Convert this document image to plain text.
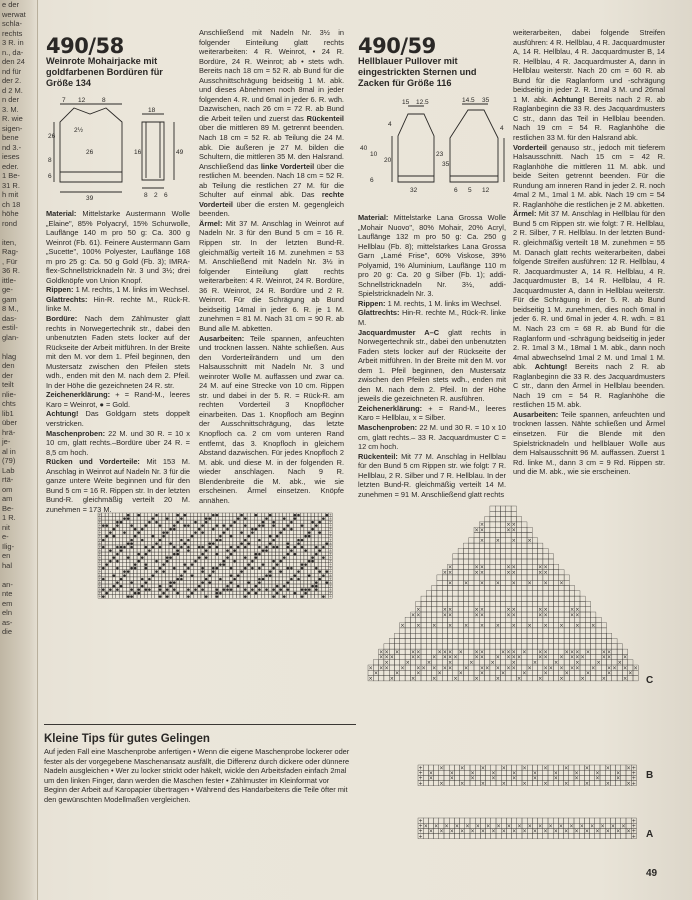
e der
werwat
schla-
rechts
3 R. in
n., da-
den 24
nd für
der 2.
d 2 M.
n der
3. M.
R. wie
sigen-
bene
nd 3.-
ieses
eder.
1 Be-
31 R.
h mit
ch 18
höhe
rond

iten,
Rag-
, Für
36 R.
ittle-
ge-
gam
8 M.,
das-
estil-
glan-

hlag
den
der
teilt
nlie-
chts
lib1
über
hrä-
je-
al in
(79)
Lab
rtä-
om
am
Be-
1 R.
nit
e-
Ilig-
en
hal

an-
nte
em
eln
as-
die
490/58
Weinrote Mohairjacke mit goldfarbenen Bordüren für Größe 134
7 12	8
18
26
39
6
8
26
2½
16	49
8 2 6

Material: Mittelstarke Austermann Wolle „Elaine", 85% Polyacryl, 15% Schurwolle, Lauflänge 140 m pro 50 g: Ca. 300 g Weinrot (Fb. 61). Feinere Austermann Garn „Sucette", 100% Polyester, Lauflänge 168 m pro 25 g: Ca. 50 g Gold (Fb. 3); IMRA-flex-Schnellstricknadeln Nr. 3 und 3½; drei Goldknöpfe von Union Knopf.

Rippen: 1 M. rechts, 1 M. links im Wechsel.

Glattrechts: Hin-R. rechte M., Rück-R. linke M.

Bordüre: Nach dem Zählmuster glatt rechts in Norwegertechnik str., dabei den unbenutzten Faden stets locker auf der Rückseite der Arbeit mitführen. In der Breite mit den M. vor dem 1. Pfeil beginnen, den Mustersatz zwischen den Pfeilen stets wdh., enden mit den M. nach dem 2. Pfeil. In der Höhe die gezeichneten 24 R. str.

Zeichenerklärung: + = Rand-M., leeres Karo = Weinrot, ● = Gold.

Achtung! Das Goldgarn stets doppelt verstricken.

Maschenproben: 22 M. und 30 R. = 10 x 10 cm, glatt rechts.–Bordüre über 24 R. = 8,5 cm hoch.

Rücken und Vorderteile: Mit 153 M. Anschlag in Weinrot auf Nadeln Nr. 3 für die ganze untere Weite beginnen und für den Bund 5 cm = 16 R. Rippen str. In der letzten Bund-R. gleichmäßig verteilt 20 M. zunehmen = 173 M.

Anschließend mit Nadeln Nr. 3½ in folgender Einteilung glatt rechts weiterarbeiten: 4 R. Weinrot, • 24 R. Bordüre, 24 R. Weinrot; ab • stets wdh. Bereits nach 18 cm = 52 R. ab Bund für die Ausschnittschrägung beidseitig 1 M. abk. und dieses Abnehmen noch 8mal in jeder folgenden 4. R. und 6mal in jeder 6. R. wdh. Dazwischen, nach 26 cm = 72 R. ab Bund die Arbeit teilen und zuerst das Rückenteil über die mittleren 89 M. getrennt beenden. Nach 18 cm = 52 R. ab Teilung die 24 M. abk. Die äußeren je 27 M. bilden die Schultern, die mittleren 35 M. den Halsrand. Anschließend das linke Vorderteil über die restlichen M. beenden. Nach 18 cm = 52 R. ab Teilung die restlichen 27 M. für die Schulter auf einmal abk. Das rechte Vorderteil über die ersten M. gegengleich beenden.

Ärmel: Mit 37 M. Anschlag in Weinrot auf Nadeln Nr. 3 für den Bund 5 cm = 16 R. Rippen str. In der letzten Bund-R. gleichmäßig verteilt 16 M. zunehmen = 53 M. Anschließend mit Nadeln Nr. 3½ in folgender Einteilung glatt rechts weiterarbeiten: 4 R. Weinrot, 24 R. Bordüre, 36 R. Weinrot, 24 R. Bordüre und 2 R. Weinrot. Für die Schrägung ab Bund beidseitig 14mal in jeder 6. R. je 1 M. zunehmen = 81 M. Nach 31 cm = 90 R. ab Bund alle M. abketten.

Ausarbeiten: Teile spannen, anfeuchten und trocknen lassen. Nähte schließen. Aus den Vorderteilrändern und um den Halsausschnitt mit Nadeln Nr. 3 und weinroter Wolle M. auffassen und zwar ca. 24 M. auf eine Strecke von 10 cm. Rippen str. und dabei in der 5. R. = Rück-R. am rechten Vorderteil 3 Knopflöcher einarbeiten. Das 1. Knopfloch am Beginn der Ausschnittschrägung, das letzte Knopfloch ca. 2 cm vom unteren Rand entfernt, das 3. Knopfloch in gleichem Abstand dazwischen. Für jedes Knopfloch 2 M. abk. und diese M. in der folgenden R. wieder anschlagen. Nach 9 R. Blendenbreite die M. abk., wie sie erscheinen. Ärmel einsetzen. Knöpfe annähen.

+	● ●	●	● ●	● ●	●	●	●	● ●	● +
+	● ●	●	●	●	● ●	● ●	●	● ●	● +
+	● ●	● ●	●	● ●	●	● ●	●	● ● +
+ ● ● ●	●	●	●	● ● ●	●	● ● ●	●	● ● ●	●	●	●	+
+	●	● ●	● ●	●	●	●	● ●	● ●	●	+
+ ●	●	●	● ●	● ●	●	● ●	●	● ● +
+ ● ●	●	● ●	●	● ●	●	● ●	● ●	+
+ ●	● ●	●	● ●	● ●	●	●	●	● ●	+
+	● ●	●	●	●	● ●	● ●	●	● ●	● +
+ ●	● ● ● ●	● ● ●	● ● ● ● ● ● ●	● ● ●	● ● ● ● ● ● ●	● ● +
+ ● ●	●	● ●	●	● ●	● ●	●	●	● +
+	●	● ●	● ●	●	●	●	● ●	● ●	●	+
+	●	●	●	● ●	● ●	●	● ●	●	● ● +
+ ● ●	●	● ●	●	● ●	●	● ●	● ●	+
+ ●	● ●	●	● ●	● ●	●	●	●	● ●	+
+ ●	●	● ● ●	●	●	●	● ● ●	●	● ● ●	●	● ● ●	●	+
+	● ●	● ●	●	● ●	●	● ●	●	● ● +
+	● ●	●	● ●	●	● ●	● ●	●	●	● +
+ ●	●	● ●	● ●	●	●	●	● ●	● ●	● +
+	●	●	●	● ●	● ●	●	● ●	●	● ● +
+	● ●	●	● ●	●	● ●	●	● ●	● ●	+
+ ● ● ●	● ● ● ● ● ● ●	● ● ●	● ● ● ●	● ● ● ● ● ● ●	● ● ● ●	+
+ ●	● ●	●	●	●	● ●	● ●	●	● ●	+
+ ●	● ●	● ●	●	● ●	●	● ●	●	● +
490/59
Hellblauer Pullover mit eingestrickten Sternen und Zacken für Größe 116
15 12.5	14.5 35
4
6
10
20
23
35
40
32
4
6 5 12

Material: Mittelstarke Lana Grossa Wolle „Mohair Nuovo", 80% Mohair, 20% Acryl, Lauflänge 132 m pro 50 g: Ca. 250 g Hellblau (Fb. 8); mittelstarkes Lana Grossa Garn „Lamé Frise", 60% Viskose, 39% Polyamid, 1% Aluminium, Lauflänge 110 m pro 20 g: Ca. 20 g Silber (Fb. 1); addi-Schnellstricknadeln Nr. 3½, addi-Spielstricknadeln Nr. 3.

Rippen: 1 M. rechts, 1 M. links im Wechsel.

Glattrechts: Hin-R. rechte M., Rück-R. linke M.

Jacquardmuster A–C glatt rechts in Norwegertechnik str., dabei den unbenutzten Faden stets locker auf der Rückseite der Arbeit mitführen. In der Breite mit den M. vor dem 1. Pfeil beginnen, den Mustersatz zwischen den Pfeilen stets wdh., enden mit den M. nach dem 2. Pfeil. In der Höhe jeweils die gezeichneten R. ausführen.

Zeichenerklärung: + = Rand-M., leeres Karo = Hellblau, x = Silber.

Maschenproben: 22 M. und 30 R. = 10 x 10 cm, glatt rechts.– 33 R. Jacquardmuster C = 12 cm hoch.

Rückenteil: Mit 77 M. Anschlag in Hellblau für den Bund 5 cm Rippen str. wie folgt: 7 R. Hellblau, 2 R. Silber und 7 R. Hellblau. In der letzten Bund-R. gleichmäßig verteilt 14 M. zunehmen = 91 M. Anschließend glatt rechts

weiterarbeiten, dabei folgende Streifen ausführen: 4 R. Hellblau, 4 R. Jacquardmuster A, 14 R. Hellblau, 4 R. Jacquardmuster B, 14 R. Hellblau, 4 R. Jacquardmuster A, dann in Hellblau weiterstr. Nach 20 cm = 60 R. ab Bund für die Raglanform und -schrägung beidseitig in jeder 2. R. 1mal 3 M. und 26mal 1 M. abk. Achtung! Bereits nach 2 R. ab Raglanbeginn die 33 R. des Jacquardmusters C str., dann das Teil in Hellblau beenden. Nach 19 cm = 54 R. Raglanhöhe die restlichen 33 M. für den Halsrand abk.

Vorderteil genauso str., jedoch mit tieferem Halsausschnitt. Nach 15 cm = 42 R. Raglanhöhe die mittleren 11 M. abk. und beide Seiten getrennt beenden. Für die Rundung am inneren Rand in jeder 2. R. noch 4mal 2 M., 1mal 1 M. abk. Nach 19 cm = 54 R. Raglanhöhe die restlichen je 2 M. abketten.

Ärmel: Mit 37 M. Anschlag in Hellblau für den Bund 5 cm Rippen str. wie folgt: 7 R. Hellblau, 2 R. Silber, 7 R. Hellblau. In der letzten Bund-R. gleichmäßig verteilt 18 M. zunehmen = 55 M. Danach glatt rechts weiterarbeiten, dabei folgende Streifen ausführen: 12 R. Hellblau, 4 R. Jacquardmuster A, 14 R. Hellblau, 4 R. Jacquardmuster B, 14 R. Hellblau, 4 R. Jacquardmuster A, dann in Hellblau weiterstr. Für die Schrägung in der 5. R. ab Bund beidseitig 1 M. zunehmen, dies noch 6mal in jeder 6. R. und 6mal in jeder 4. R. wdh. = 81 M. Nach 23 cm = 68 R. ab Bund für die Raglanform und -schrägung beidseitig in jeder 2. R. 1mal 3 M., 18mal 1 M. abk., dann noch 4mal abwechselnd 1mal 2 M. und 1mal 1 M. abk. Achtung! Bereits nach 2 R. ab Raglanbeginn die 33 R. des Jacquardmusters C str., dann den Ärmel in Hellblau beenden. Nach 19 cm = 54 R. Raglanhöhe die restlichen 15 M. abk.

Ausarbeiten: Teile spannen, anfeuchten und trocknen lassen. Nähte schließen und Ärmel einsetzen. Für die Blende mit den Spielstricknadeln und hellblauer Wolle aus dem Halsausschnitt 96 M. auffassen. Zuerst 1 Rd. linke M., dann 3 cm = 9 Rd. Rippen str. und die M. abk., wie sie erscheinen.

×	× ×
× ×	× ×
× × × ×
×	× ×	× ×	× ×
× ×	× ×	× ×	× ×
× × × × × × × ×
×	× ×	× ×	× ×	× ×	× ×
× ×	× ×	× ×	× ×	× ×	× ×
× × × × × × × × × × × × ×
× × × × ×	× × × × × ×	× × × × × ×	× × × × × ×
× × ×	× × × × × ×	× × × × × ×	× × × × × ×	× × ×
×	×	×	×	×	×	×	×	×	×	×	×
× × × × × × × × × × × × × × × × × × × × × × × × × ×
×	×	×	×	×	×	×	×	×	×	×	×	×
×	×	×	×	×	×	×	×	×	×	×	×	× C
+	×	×	×	×	×	×	×	×	×	× +
+ ×	×	×	×	×	×	×	×	×	× +
+ ×	×	×	×	×	×	×	×	×	× +
+	×	×	×	×	×	×	×	×	×	× +
B
+	+
+ × × × × × × × × × × × × × × × × × × × × +
+ × × × × × × × × × × × × × × × × × × × × +
+	+ A
Kleine Tips für gutes Gelingen
Auf jeden Fall eine Maschenprobe anfertigen • Wenn die eigene Maschenprobe lockerer oder fester als der vorgegebene Maschenansatz ausfällt, die Differenz durch dickere oder dünnere Nadeln ausgleichen • Wer zu locker strickt oder häkelt, wickle den Arbeitsfaden einfach 2mal um den linken Finger, dann werden die Maschen fester • Zählmuster im Kleinformat vor Beginn der Arbeit auf Karopapier übertragen • Während des Handarbeitens die Teile öfter mit den gewünschten Modellmaßen vergleichen.
49
